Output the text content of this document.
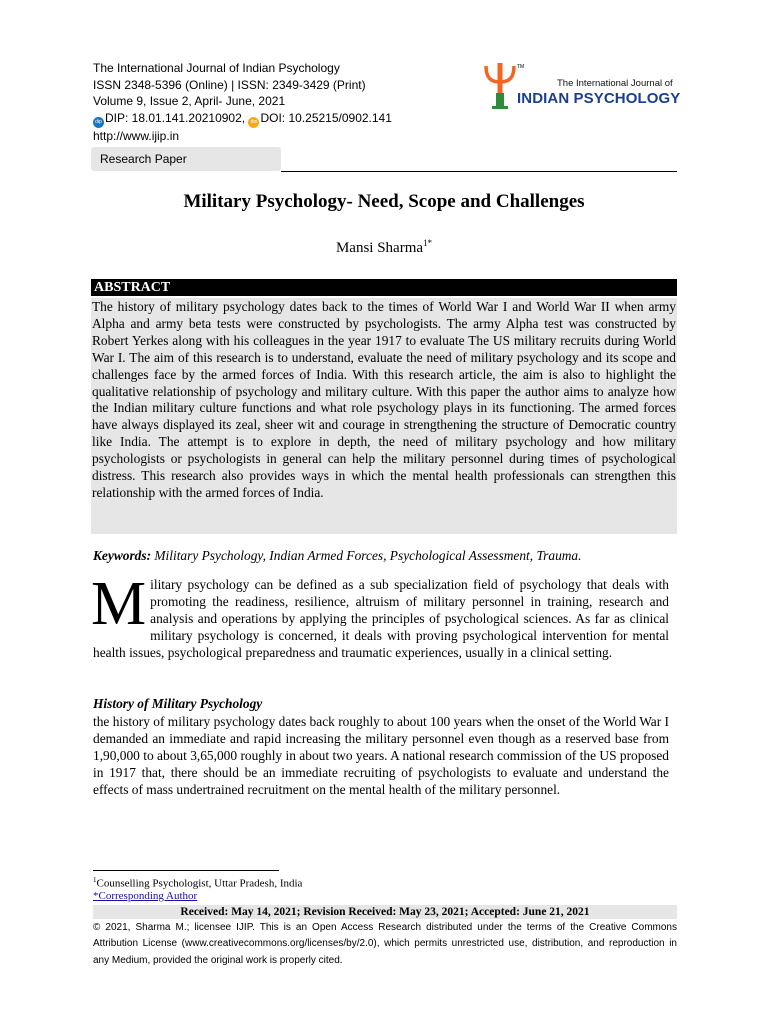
The International Journal of Indian Psychology
ISSN 2348-5396 (Online) | ISSN: 2349-3429 (Print)
Volume 9, Issue 2, April- June, 2021
dip DIP: 18.01.141.20210902, doi DOI: 10.25215/0902.141
http://www.ijip.in
TM
The International Journal of
INDIAN PSYCHOLOGY
Research Paper
Military Psychology- Need, Scope and Challenges
Mansi Sharma$^{1*}$
ABSTRACT
The history of military psychology dates back to the times of World War I and World War II when army Alpha and army beta tests were constructed by psychologists. The army Alpha test was constructed by Robert Yerkes along with his colleagues in the year 1917 to evaluate The US military recruits during World War I. The aim of this research is to understand, evaluate the need of military psychology and its scope and challenges face by the armed forces of India. With this research article, the aim is also to highlight the qualitative relationship of psychology and military culture. With this paper the author aims to analyze how the Indian military culture functions and what role psychology plays in its functioning. The armed forces have always displayed its zeal, sheer wit and courage in strengthening the structure of Democratic country like India. The attempt is to explore in depth, the need of military psychology and how military psychologists or psychologists in general can help the military personnel during times of psychological distress. This research also provides ways in which the mental health professionals can strengthen this relationship with the armed forces of India.
Keywords: Military Psychology, Indian Armed Forces, Psychological Assessment, Trauma.
Military psychology can be defined as a sub specialization field of psychology that deals with promoting the readiness, resilience, altruism of military personnel in training, research and analysis and operations by applying the principles of psychological sciences. As far as clinical military psychology is concerned, it deals with proving psychological intervention for mental health issues, psychological preparedness and traumatic experiences, usually in a clinical setting.
History of Military Psychology
the history of military psychology dates back roughly to about 100 years when the onset of the World War I demanded an immediate and rapid increasing the military personnel even though as a reserved base from 1,90,000 to about 3,65,000 roughly in about two years. A national research commission of the US proposed in 1917 that, there should be an immediate recruiting of psychologists to evaluate and understand the effects of mass undertrained recruitment on the mental health of the military personnel.
$^1$Counselling Psychologist, Uttar Pradesh, India
*Corresponding Author
Received: May 14, 2021; Revision Received: May 23, 2021; Accepted: June 21, 2021
© 2021, Sharma M.; licensee IJIP. This is an Open Access Research distributed under the terms of the Creative Commons Attribution License (www.creativecommons.org/licenses/by/2.0), which permits unrestricted use, distribution, and reproduction in any Medium, provided the original work is properly cited.
